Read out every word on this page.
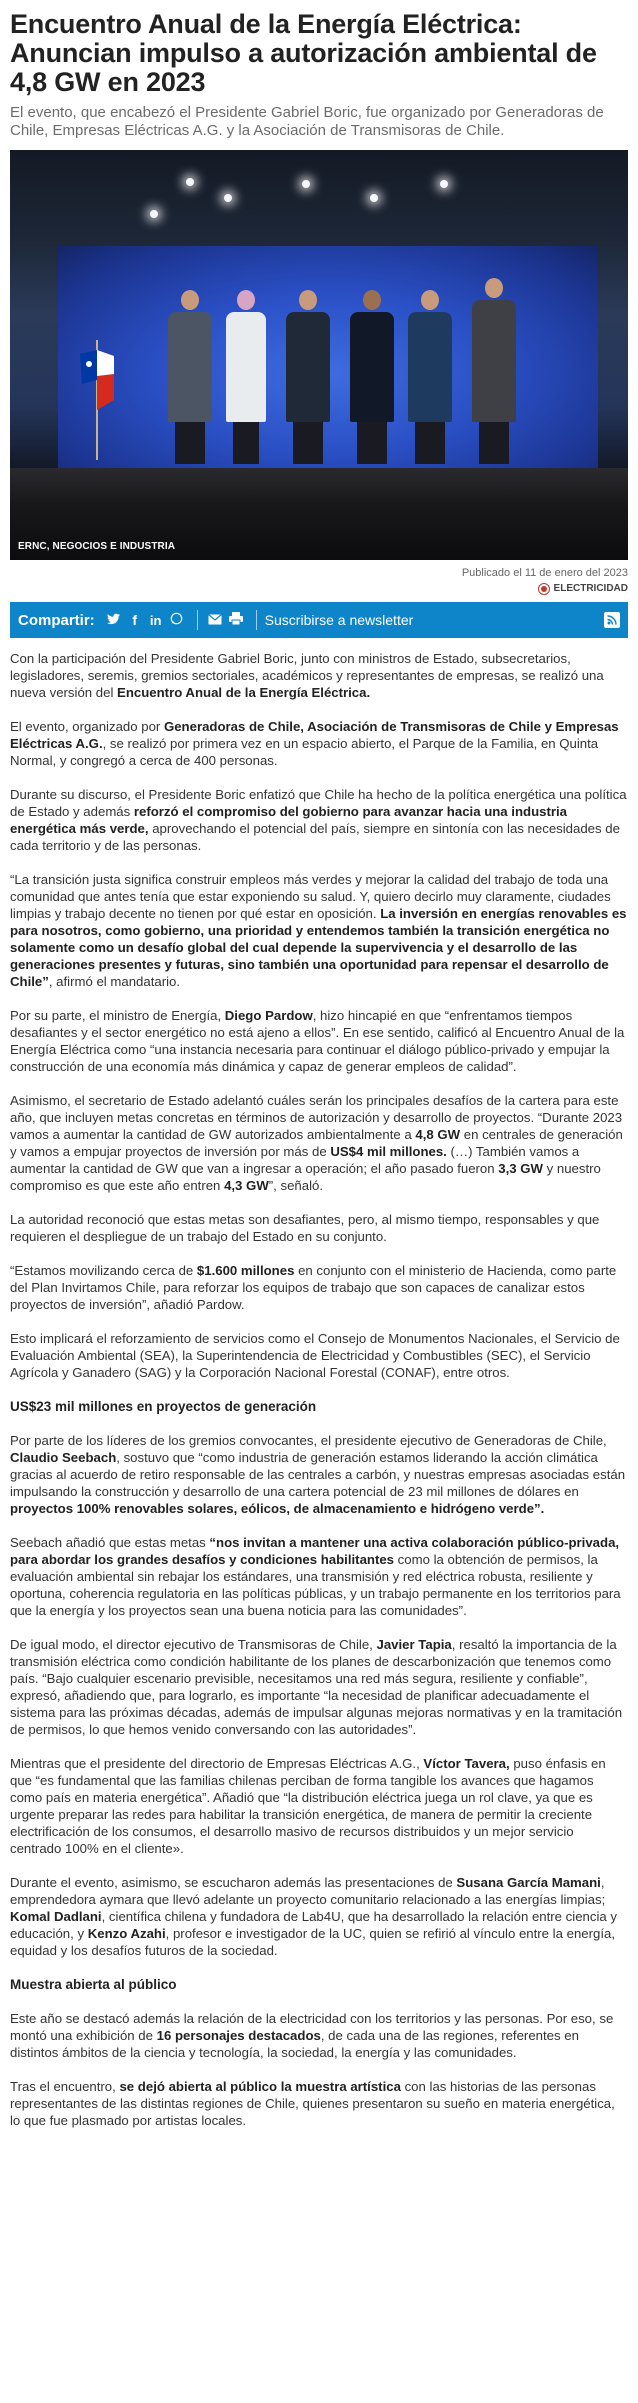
Encuentro Anual de la Energía Eléctrica: Anuncian impulso a autorización ambiental de 4,8 GW en 2023

El evento, que encabezó el Presidente Gabriel Boric, fue organizado por Generadoras de Chile, Empresas Eléctricas A.G. y la Asociación de Transmisoras de Chile.

ERNC, NEGOCIOS E INDUSTRIA
Publicado el 11 de enero del 2023
ELECTRICIDAD
Compartir:	f in	Suscribirse a newsletter

Con la participación del Presidente Gabriel Boric, junto con ministros de Estado, subsecretarios, legisladores, seremis, gremios sectoriales, académicos y representantes de empresas, se realizó una nueva versión del Encuentro Anual de la Energía Eléctrica.

El evento, organizado por Generadoras de Chile, Asociación de Transmisoras de Chile y Empresas Eléctricas A.G., se realizó por primera vez en un espacio abierto, el Parque de la Familia, en Quinta Normal, y congregó a cerca de 400 personas.

Durante su discurso, el Presidente Boric enfatizó que Chile ha hecho de la política energética una política de Estado y además reforzó el compromiso del gobierno para avanzar hacia una industria energética más verde, aprovechando el potencial del país, siempre en sintonía con las necesidades de cada territorio y de las personas.

“La transición justa significa construir empleos más verdes y mejorar la calidad del trabajo de toda una comunidad que antes tenía que estar exponiendo su salud. Y, quiero decirlo muy claramente, ciudades limpias y trabajo decente no tienen por qué estar en oposición. La inversión en energías renovables es para nosotros, como gobierno, una prioridad y entendemos también la transición energética no solamente como un desafío global del cual depende la supervivencia y el desarrollo de las generaciones presentes y futuras, sino también una oportunidad para repensar el desarrollo de Chile”, afirmó el mandatario.

Por su parte, el ministro de Energía, Diego Pardow, hizo hincapié en que “enfrentamos tiempos desafiantes y el sector energético no está ajeno a ellos”. En ese sentido, calificó al Encuentro Anual de la Energía Eléctrica como “una instancia necesaria para continuar el diálogo público-privado y empujar la construcción de una economía más dinámica y capaz de generar empleos de calidad”.

Asimismo, el secretario de Estado adelantó cuáles serán los principales desafíos de la cartera para este año, que incluyen metas concretas en términos de autorización y desarrollo de proyectos. “Durante 2023 vamos a aumentar la cantidad de GW autorizados ambientalmente a 4,8 GW en centrales de generación y vamos a empujar proyectos de inversión por más de US$4 mil millones. (…) También vamos a aumentar la cantidad de GW que van a ingresar a operación; el año pasado fueron 3,3 GW y nuestro compromiso es que este año entren 4,3 GW”, señaló.

La autoridad reconoció que estas metas son desafiantes, pero, al mismo tiempo, responsables y que requieren el despliegue de un trabajo del Estado en su conjunto.

“Estamos movilizando cerca de $1.600 millones en conjunto con el ministerio de Hacienda, como parte del Plan Invirtamos Chile, para reforzar los equipos de trabajo que son capaces de canalizar estos proyectos de inversión”, añadió Pardow.

Esto implicará el reforzamiento de servicios como el Consejo de Monumentos Nacionales, el Servicio de Evaluación Ambiental (SEA), la Superintendencia de Electricidad y Combustibles (SEC), el Servicio Agrícola y Ganadero (SAG) y la Corporación Nacional Forestal (CONAF), entre otros.

US$23 mil millones en proyectos de generación

Por parte de los líderes de los gremios convocantes, el presidente ejecutivo de Generadoras de Chile, Claudio Seebach, sostuvo que “como industria de generación estamos liderando la acción climática gracias al acuerdo de retiro responsable de las centrales a carbón, y nuestras empresas asociadas están impulsando la construcción y desarrollo de una cartera potencial de 23 mil millones de dólares en proyectos 100% renovables solares, eólicos, de almacenamiento e hidrógeno verde”.

Seebach añadió que estas metas “nos invitan a mantener una activa colaboración público-privada, para abordar los grandes desafíos y condiciones habilitantes como la obtención de permisos, la evaluación ambiental sin rebajar los estándares, una transmisión y red eléctrica robusta, resiliente y oportuna, coherencia regulatoria en las políticas públicas, y un trabajo permanente en los territorios para que la energía y los proyectos sean una buena noticia para las comunidades”.

De igual modo, el director ejecutivo de Transmisoras de Chile, Javier Tapia, resaltó la importancia de la transmisión eléctrica como condición habilitante de los planes de descarbonización que tenemos como país. “Bajo cualquier escenario previsible, necesitamos una red más segura, resiliente y confiable”, expresó, añadiendo que, para lograrlo, es importante “la necesidad de planificar adecuadamente el sistema para las próximas décadas, además de impulsar algunas mejoras normativas y en la tramitación de permisos, lo que hemos venido conversando con las autoridades”.

Mientras que el presidente del directorio de Empresas Eléctricas A.G., Víctor Tavera, puso énfasis en que “es fundamental que las familias chilenas perciban de forma tangible los avances que hagamos como país en materia energética”. Añadió que “la distribución eléctrica juega un rol clave, ya que es urgente preparar las redes para habilitar la transición energética, de manera de permitir la creciente electrificación de los consumos, el desarrollo masivo de recursos distribuidos y un mejor servicio centrado 100% en el cliente».

Durante el evento, asimismo, se escucharon además las presentaciones de Susana García Mamani, emprendedora aymara que llevó adelante un proyecto comunitario relacionado a las energías limpias; Komal Dadlani, científica chilena y fundadora de Lab4U, que ha desarrollado la relación entre ciencia y educación, y Kenzo Azahi, profesor e investigador de la UC, quien se refirió al vínculo entre la energía, equidad y los desafíos futuros de la sociedad.

Muestra abierta al público

Este año se destacó además la relación de la electricidad con los territorios y las personas. Por eso, se montó una exhibición de 16 personajes destacados, de cada una de las regiones, referentes en distintos ámbitos de la ciencia y tecnología, la sociedad, la energía y las comunidades.

Tras el encuentro, se dejó abierta al público la muestra artística con las historias de las personas representantes de las distintas regiones de Chile, quienes presentaron su sueño en materia energética, lo que fue plasmado por artistas locales.
